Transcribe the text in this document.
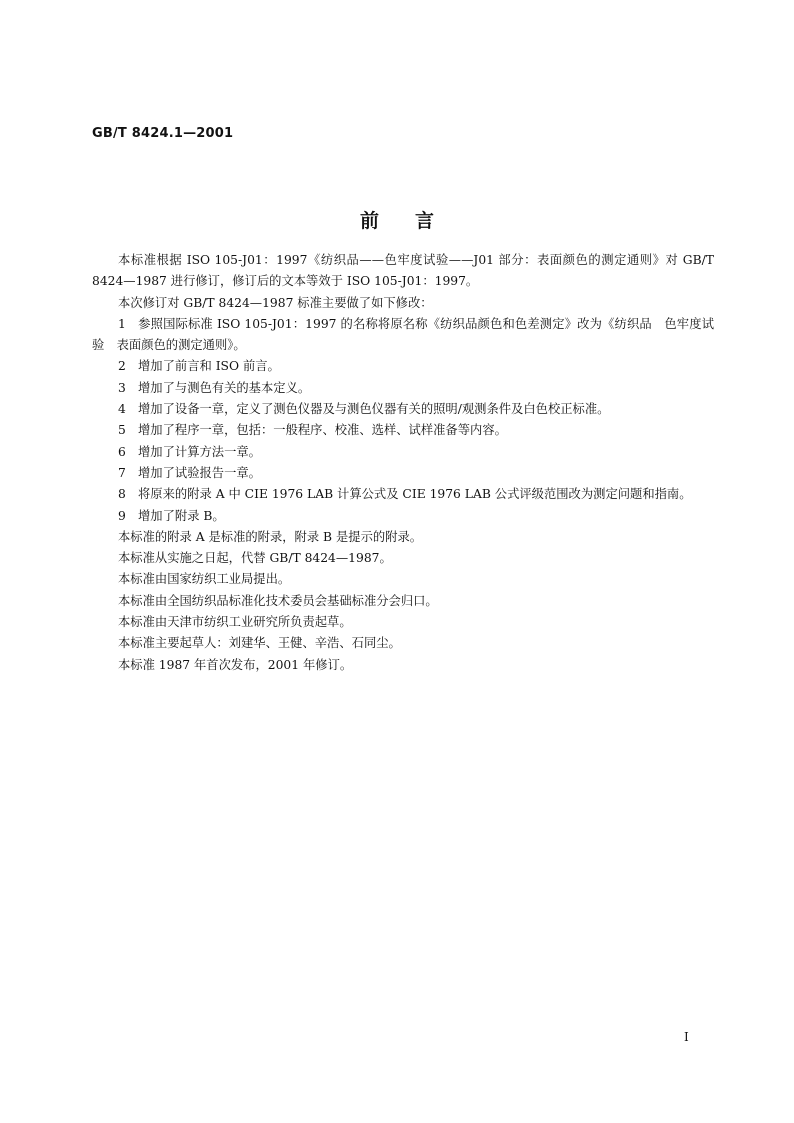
GB/T 8424.1—2001
前言

本标准根据 ISO 105-J01：1997《纺织品——色牢度试验——J01 部分：表面颜色的测定通则》对 GB/T 8424—1987 进行修订，修订后的文本等效于 ISO 105-J01：1997。

本次修订对 GB/T 8424—1987 标准主要做了如下修改：

1 参照国际标准 ISO 105-J01：1997 的名称将原名称《纺织品颜色和色差测定》改为《纺织品　色牢度试验　表面颜色的测定通则》。

2 增加了前言和 ISO 前言。

3 增加了与测色有关的基本定义。

4 增加了设备一章，定义了测色仪器及与测色仪器有关的照明/观测条件及白色校正标准。

5 增加了程序一章，包括：一般程序、校准、选样、试样准备等内容。

6 增加了计算方法一章。

7 增加了试验报告一章。

8 将原来的附录 A 中 CIE 1976 LAB 计算公式及 CIE 1976 LAB 公式评级范围改为测定问题和指南。

9 增加了附录 B。

本标准的附录 A 是标准的附录，附录 B 是提示的附录。

本标准从实施之日起，代替 GB/T 8424—1987。

本标准由国家纺织工业局提出。

本标准由全国纺织品标准化技术委员会基础标准分会归口。

本标准由天津市纺织工业研究所负责起草。

本标准主要起草人：刘建华、王健、辛浩、石同尘。

本标准 1987 年首次发布，2001 年修订。

I
